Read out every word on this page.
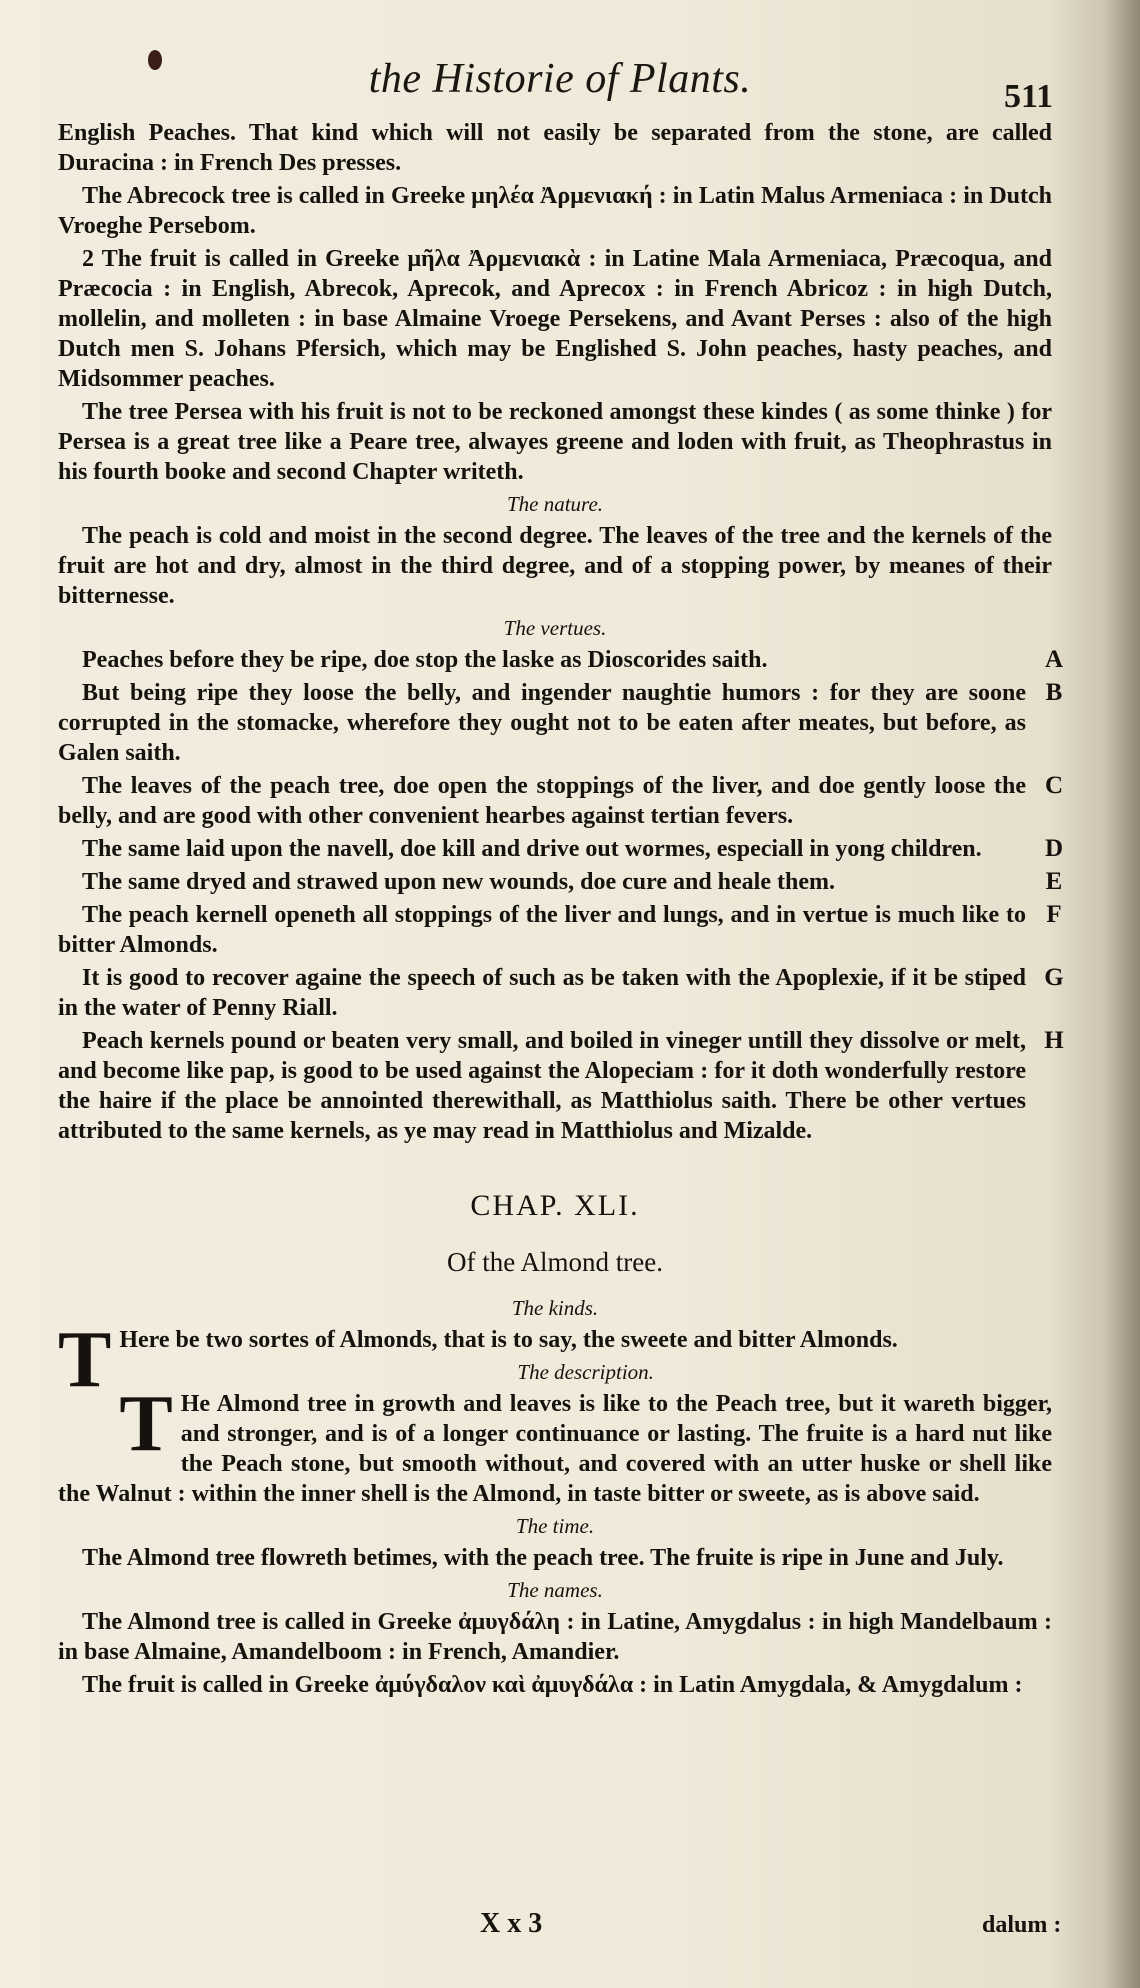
the Historie of Plants.	511

English Peaches. That kind which will not easily be separated from the stone, are called Duracina : in French Des presses.

The Abrecock tree is called in Greeke μηλέα Ἀρμενιακή : in Latin Malus Armeniaca : in Dutch Vroeghe Persebom.

2 The fruit is called in Greeke μῆλα Ἀρμενιακὰ : in Latine Mala Armeniaca, Præcoqua, and Præcocia : in English, Abrecok, Aprecok, and Aprecox : in French Abricoz : in high Dutch, mollelin, and molleten : in base Almaine Vroege Persekens, and Avant Perses : also of the high Dutch men S. Johans Pfersich, which may be Englished S. John peaches, hasty peaches, and Midsommer peaches.

The tree Persea with his fruit is not to be reckoned amongst these kindes ( as some thinke ) for Persea is a great tree like a Peare tree, alwayes greene and loden with fruit, as Theophrastus in his fourth booke and second Chapter writeth.

The nature.

The peach is cold and moist in the second degree. The leaves of the tree and the kernels of the fruit are hot and dry, almost in the third degree, and of a stopping power, by meanes of their bitternesse.

The vertues.

Peaches before they be ripe, doe stop the laske as Dioscorides saith.	A

But being ripe they loose the belly, and ingender naughtie humors : for they are soone corrupted in the stomacke, wherefore they ought not to be eaten after meates, but before, as Galen saith.

B

The leaves of the peach tree, doe open the stoppings of the liver, and doe gently loose the belly, and are good with other convenient hearbes against tertian fevers.

C

The same laid upon the navell, doe kill and drive out wormes, especiall in yong children.	D

The same dryed and strawed upon new wounds, doe cure and heale them.	E

The peach kernell openeth all stoppings of the liver and lungs, and in vertue is much like to bitter Almonds.

F

It is good to recover againe the speech of such as be taken with the Apoplexie, if it be stiped in the water of Penny Riall.

G

Peach kernels pound or beaten very small, and boiled in vineger untill they dissolve or melt, and become like pap, is good to be used against the Alopeciam : for it doth wonderfully restore the haire if the place be annointed therewithall, as Matthiolus saith. There be other vertues attributed to the same kernels, as ye may read in Matthiolus and Mizalde.

H
CHAP. XLI.
Of the Almond tree.
The kinds.

T Here be two sortes of Almonds, that is to say, the sweete and bitter Almonds.

The description.

T He Almond tree in growth and leaves is like to the Peach tree, but it wareth bigger, and stronger, and is of a longer continuance or lasting. The fruite is a hard nut like the Peach stone, but smooth without, and covered with an utter huske or shell like the Walnut : within the inner shell is the Almond, in taste bitter or sweete, as is above said.

The time.

The Almond tree flowreth betimes, with the peach tree. The fruite is ripe in June and July.

The names.

The Almond tree is called in Greeke ἀμυγδάλη : in Latine, Amygdalus : in high Mandelbaum : in base Almaine, Amandelboom : in French, Amandier.

The fruit is called in Greeke ἀμύγδαλον καὶ ἀμυγδάλα : in Latin Amygdala, & Amygdalum :

X x 3	dalum :
